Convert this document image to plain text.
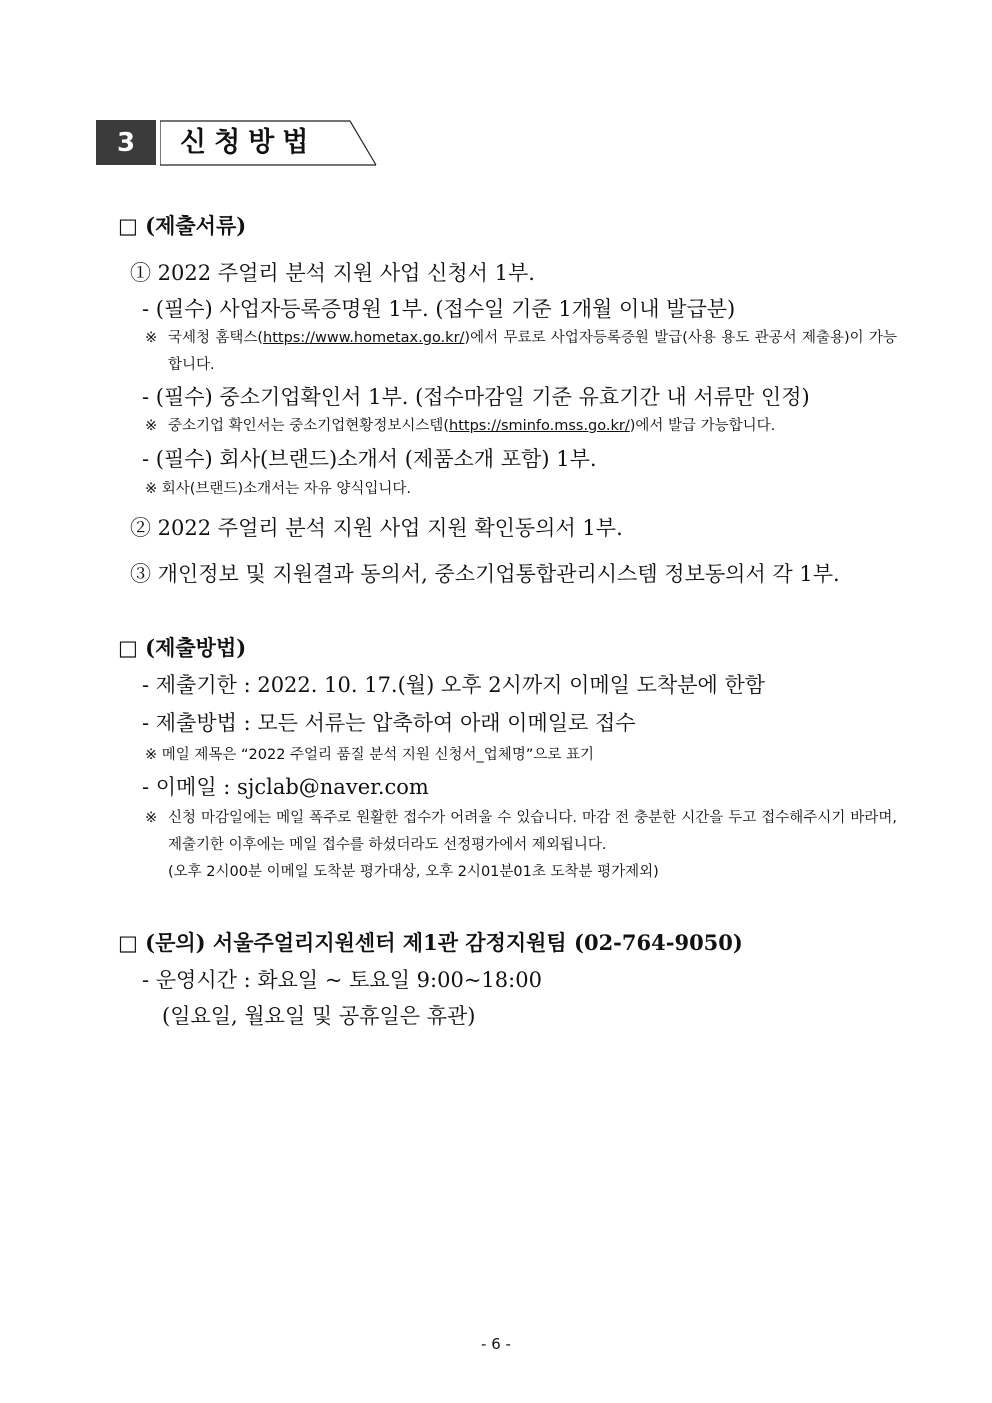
3	신청방법
□ (제출서류)
① 2022 주얼리 분석 지원 사업 신청서 1부.
- (필수) 사업자등록증명원 1부. (접수일 기준 1개월 이내 발급분)
※ 국세청 홈택스(https://www.hometax.go.kr/)에서 무료로 사업자등록증원 발급(사용 용도 관공서 제출용)이 가능합니다.
- (필수) 중소기업확인서 1부. (접수마감일 기준 유효기간 내 서류만 인정)
※ 중소기업 확인서는 중소기업현황정보시스템(https://sminfo.mss.go.kr/)에서 발급 가능합니다.
- (필수) 회사(브랜드)소개서 (제품소개 포함) 1부.
※ 회사(브랜드)소개서는 자유 양식입니다.
② 2022 주얼리 분석 지원 사업 지원 확인동의서 1부.
③ 개인정보 및 지원결과 동의서, 중소기업통합관리시스템 정보동의서 각 1부.
□ (제출방법)
- 제출기한 : 2022. 10. 17.(월) 오후 2시까지 이메일 도착분에 한함
- 제출방법 : 모든 서류는 압축하여 아래 이메일로 접수
※ 메일 제목은 “2022 주얼리 품질 분석 지원 신청서_업체명”으로 표기
- 이메일 : sjclab@naver.com
※ 신청 마감일에는 메일 폭주로 원활한 접수가 어려울 수 있습니다. 마감 전 충분한 시간을 두고 접수해주시기 바라며, 제출기한 이후에는 메일 접수를 하셨더라도 선정평가에서 제외됩니다.
(오후 2시00분 이메일 도착분 평가대상, 오후 2시01분01초 도착분 평가제외)
□ (문의) 서울주얼리지원센터 제1관 감정지원팀 (02-764-9050)
- 운영시간 : 화요일 ~ 토요일 9:00~18:00
(일요일, 월요일 및 공휴일은 휴관)
- 6 -
